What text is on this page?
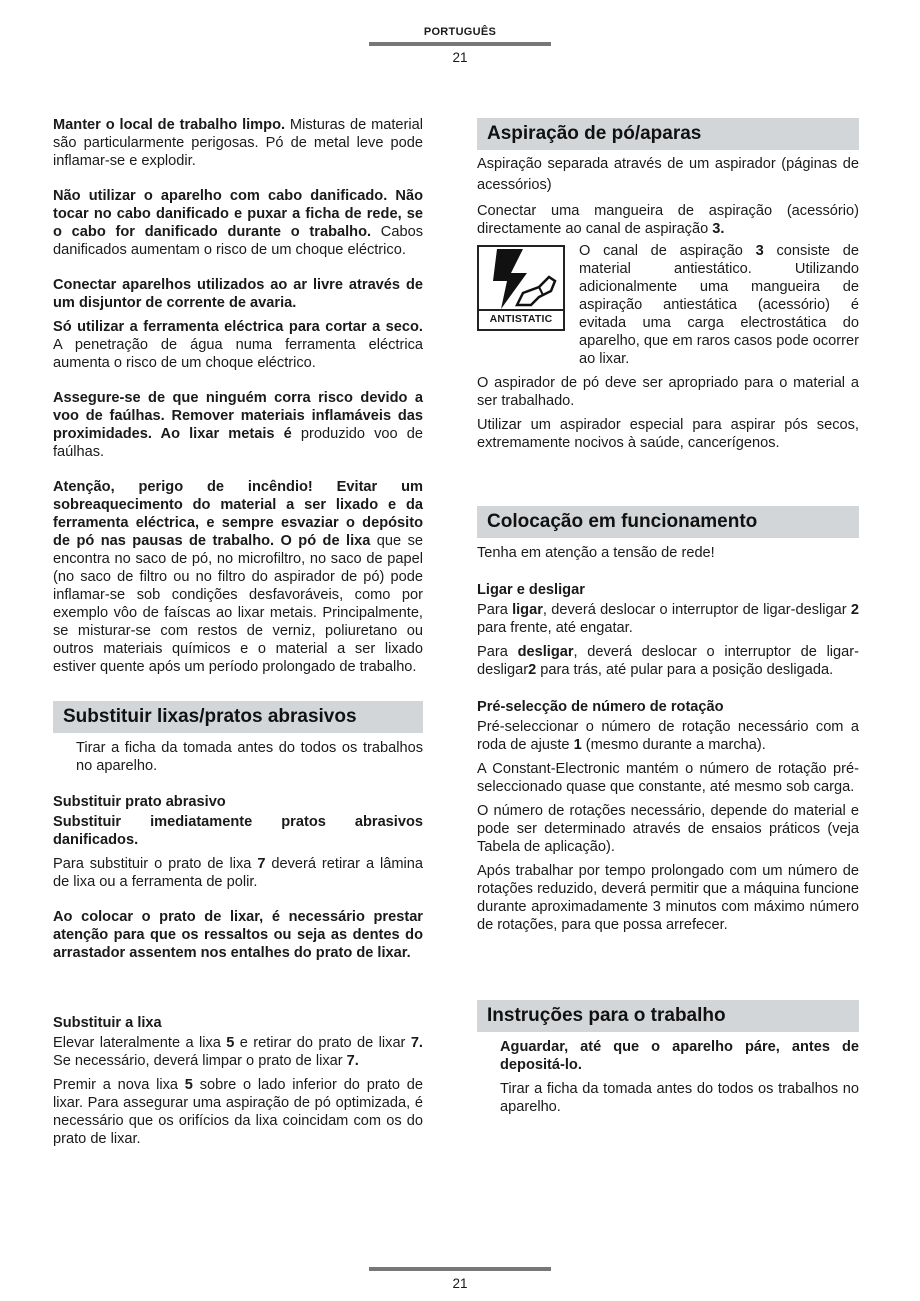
PORTUGUÊS
21

Manter o local de trabalho limpo. Misturas de material são particularmente perigosas. Pó de metal leve pode inflamar-se e explodir.

Não utilizar o aparelho com cabo danificado. Não tocar no cabo danificado e puxar a ficha de rede, se o cabo for danificado durante o trabalho. Cabos danificados aumentam o risco de um choque eléctrico.

Conectar aparelhos utilizados ao ar livre através de um disjuntor de corrente de avaria.

Só utilizar a ferramenta eléctrica para cortar a seco. A penetração de água numa ferramenta eléctrica aumenta o risco de um choque eléctrico.

Assegure-se de que ninguém corra risco devido a voo de faúlhas. Remover materiais inflamáveis das proximidades. Ao lixar metais é produzido voo de faúlhas.

Atenção, perigo de incêndio! Evitar um sobreaquecimento do material a ser lixado e da ferramenta eléctrica, e sempre esvaziar o depósito de pó nas pausas de trabalho. O pó de lixa que se encontra no saco de pó, no microfiltro, no saco de papel (no saco de filtro ou no filtro do aspirador de pó) pode inflamar-se sob condições desfavoráveis, como por exemplo vôo de faíscas ao lixar metais. Principalmente, se misturar-se com restos de verniz, poliuretano ou outros materiais químicos e o material a ser lixado estiver quente após um período prolongado de trabalho.

Substituir lixas/pratos abrasivos

Tirar a ficha da tomada antes do todos os trabalhos no aparelho.

Substituir prato abrasivo

Substituir imediatamente pratos abrasivos danificados.

Para substituir o prato de lixa 7 deverá retirar a lâmina de lixa ou a ferramenta de polir.

Ao colocar o prato de lixar, é necessário prestar atenção para que os ressaltos ou seja as dentes do arrastador assentem nos entalhes do prato de lixar.

Substituir a lixa

Elevar lateralmente a lixa 5 e retirar do prato de lixar 7. Se necessário, deverá limpar o prato de lixar 7.

Premir a nova lixa 5 sobre o lado inferior do prato de lixar. Para assegurar uma aspiração de pó optimizada, é necessário que os orifícios da lixa coincidam com os do prato de lixar.

Aspiração de pó/aparas

Aspiração separada através de um aspirador (páginas de acessórios)

Conectar uma mangueira de aspiração (acessório) directamente ao canal de aspiração 3.

ANTISTATIC

O canal de aspiração 3 consiste de material antiestático. Utilizando adicionalmente uma mangueira de aspiração antiestática (acessório) é evitada uma carga electrostática do aparelho, que em raros casos pode ocorrer ao lixar.

O aspirador de pó deve ser apropriado para o material a ser trabalhado.

Utilizar um aspirador especial para aspirar pós secos, extremamente nocivos à saúde, cancerígenos.

Colocação em funcionamento

Tenha em atenção a tensão de rede!

Ligar e desligar

Para ligar, deverá deslocar o interruptor de ligar-desligar 2 para frente, até engatar.

Para desligar, deverá deslocar o interruptor de ligar-desligar2 para trás, até pular para a posição desligada.

Pré-selecção de número de rotação

Pré-seleccionar o número de rotação necessário com a roda de ajuste 1 (mesmo durante a marcha).

A Constant-Electronic mantém o número de rotação pré-seleccionado quase que constante, até mesmo sob carga.

O número de rotações necessário, depende do material e pode ser determinado através de ensaios práticos (veja Tabela de aplicação).

Após trabalhar por tempo prolongado com um número de rotações reduzido, deverá permitir que a máquina funcione durante aproximadamente 3 minutos com máximo número de rotações, para que possa arrefecer.

Instruções para o trabalho

Aguardar, até que o aparelho páre, antes de depositá-lo.

Tirar a ficha da tomada antes do todos os trabalhos no aparelho.

21
